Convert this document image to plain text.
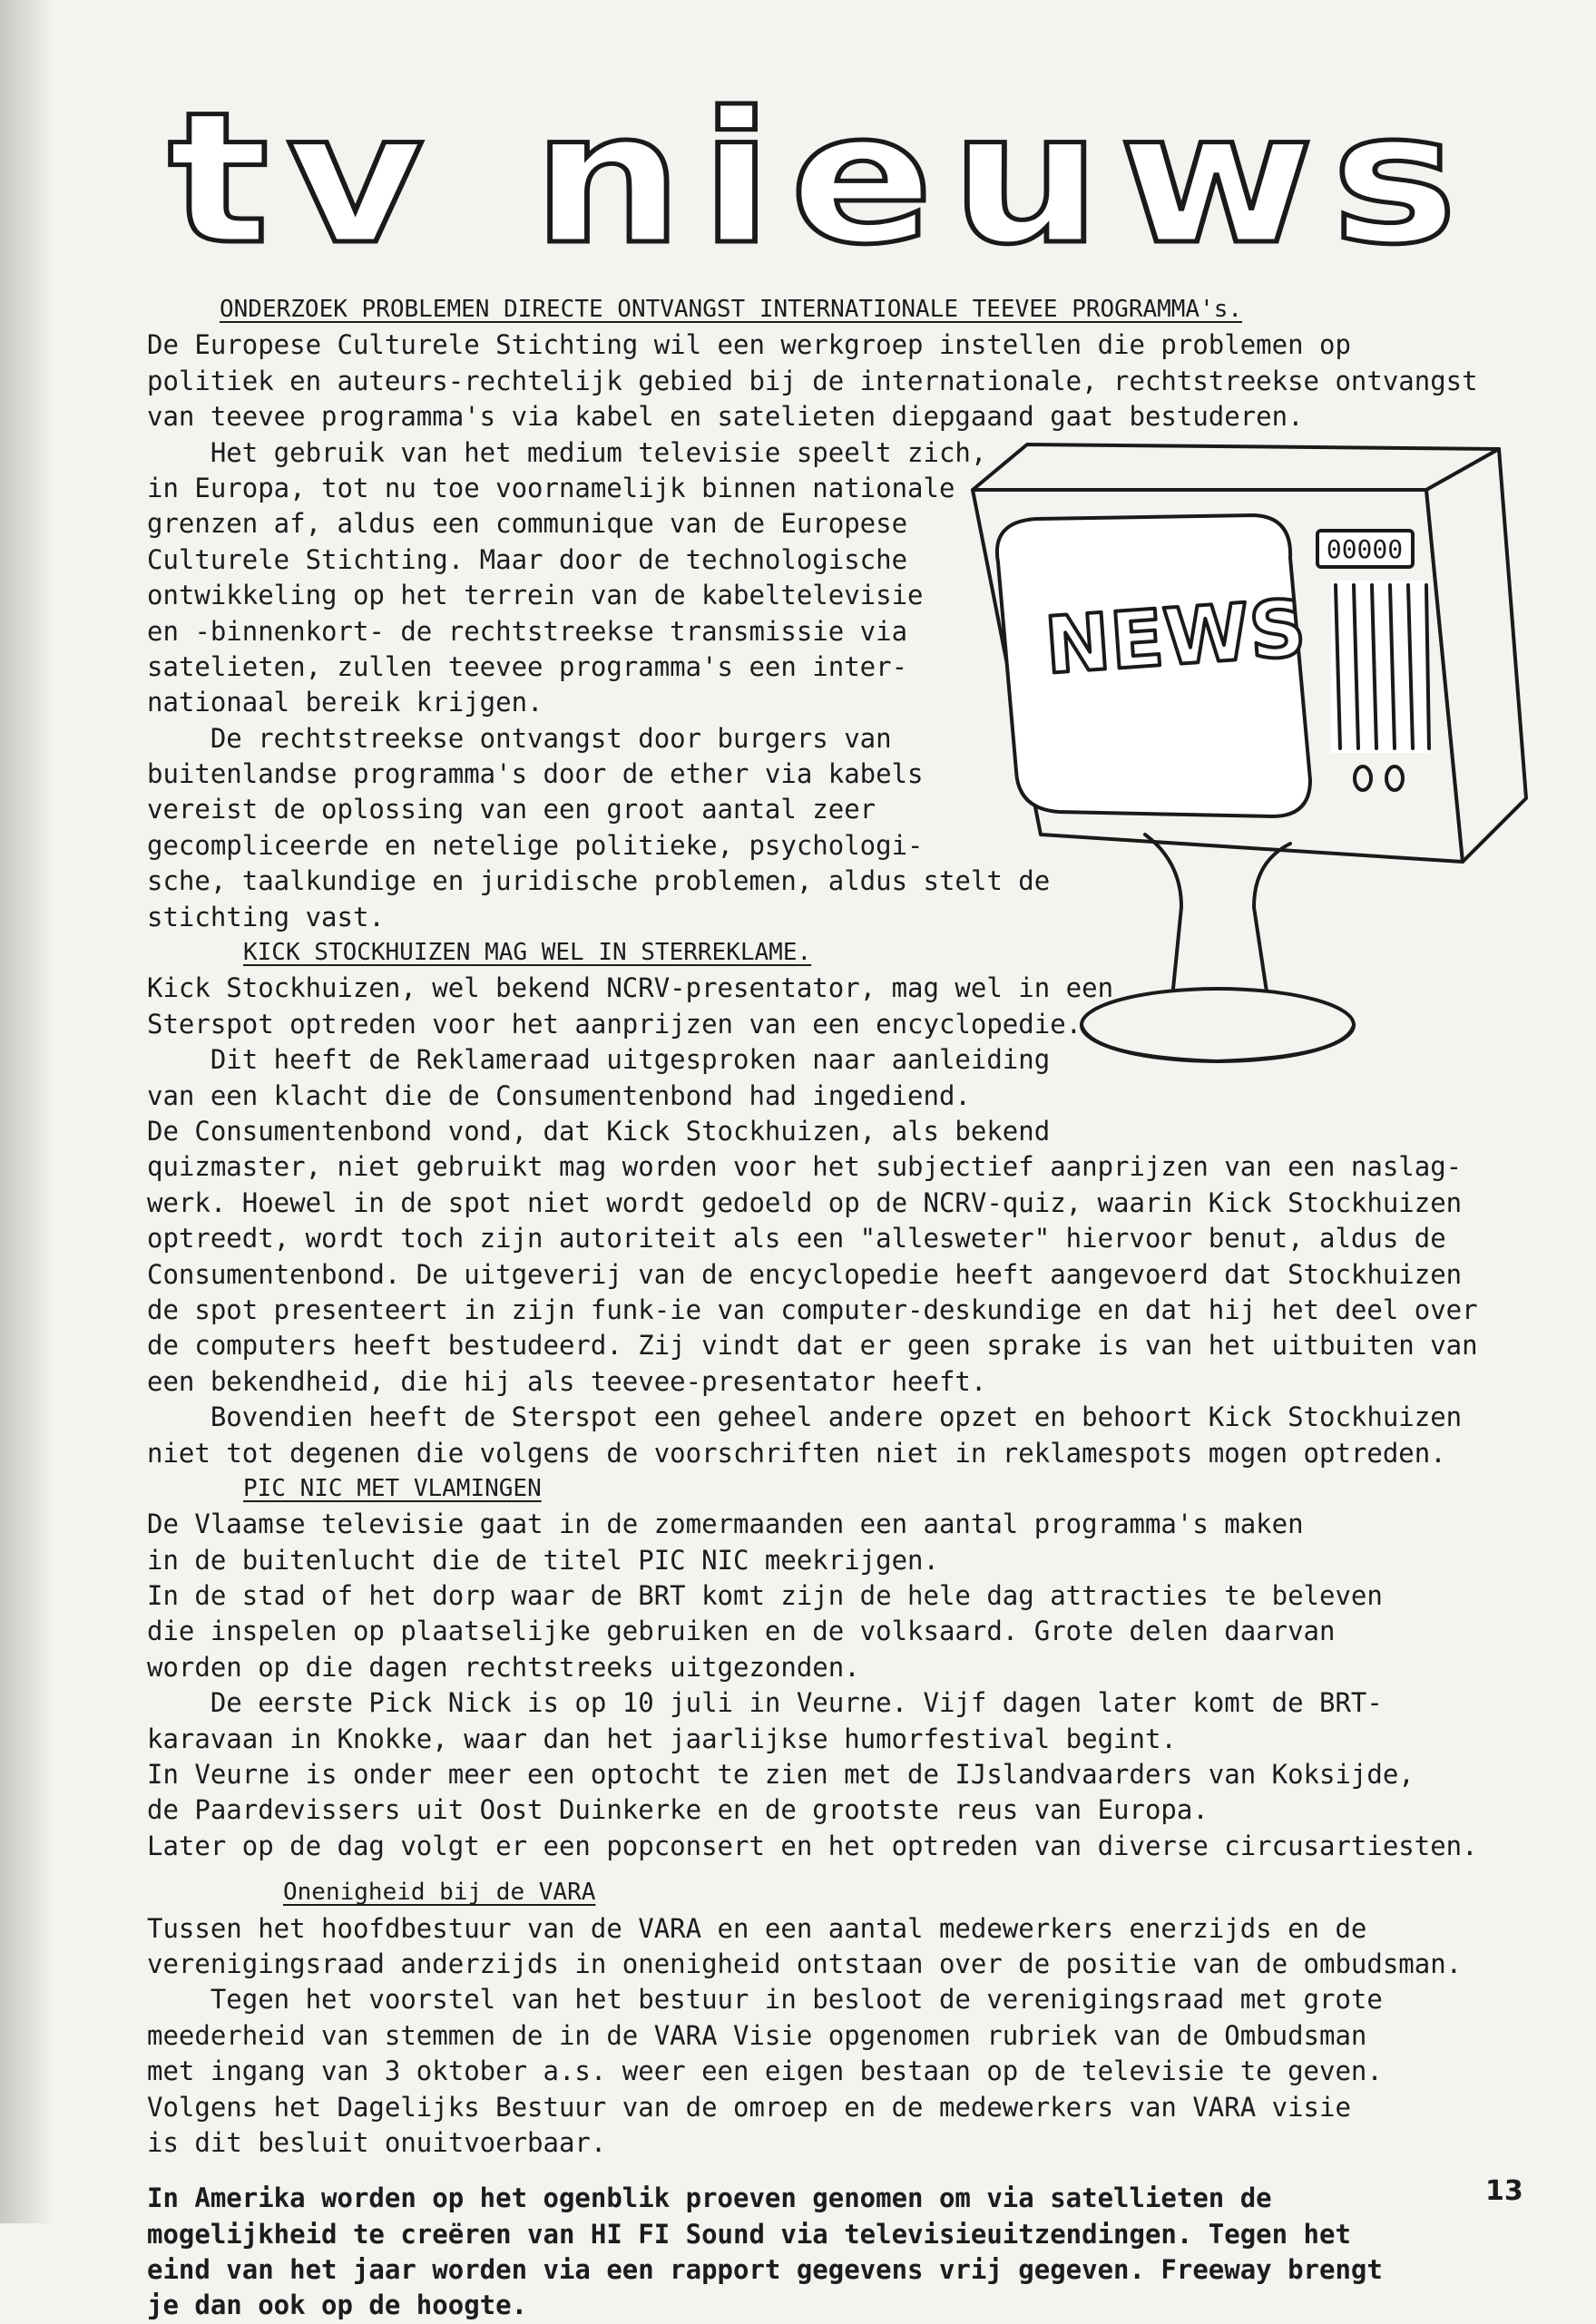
tv nieuws
ONDERZOEK PROBLEMEN DIRECTE ONTVANGST INTERNATIONALE TEEVEE PROGRAMMA's.
De Europese Culturele Stichting wil een werkgroep instellen die problemen op
politiek en auteurs-rechtelijk gebied bij de internationale, rechtstreekse ontvangst
van teevee programma's via kabel en satelieten diepgaand gaat bestuderen.
Het gebruik van het medium televisie speelt zich,
in Europa, tot nu toe voornamelijk binnen nationale
grenzen af, aldus een communique van de Europese
Culturele Stichting. Maar door de technologische
ontwikkeling op het terrein van de kabeltelevisie
en -binnenkort- de rechtstreekse transmissie via
satelieten, zullen teevee programma's een inter-
nationaal bereik krijgen.
De rechtstreekse ontvangst door burgers van
buitenlandse programma's door de ether via kabels
vereist de oplossing van een groot aantal zeer
gecompliceerde en netelige politieke, psychologi-
sche, taalkundige en juridische problemen, aldus stelt de
stichting vast.
KICK STOCKHUIZEN MAG WEL IN STERREKLAME.
Kick Stockhuizen, wel bekend NCRV-presentator, mag wel in een
Sterspot optreden voor het aanprijzen van een encyclopedie.
Dit heeft de Reklameraad uitgesproken naar aanleiding
van een klacht die de Consumentenbond had ingediend.
De Consumentenbond vond, dat Kick Stockhuizen, als bekend
quizmaster, niet gebruikt mag worden voor het subjectief aanprijzen van een naslag-
werk. Hoewel in de spot niet wordt gedoeld op de NCRV-quiz, waarin Kick Stockhuizen
optreedt, wordt toch zijn autoriteit als een "allesweter" hiervoor benut, aldus de
Consumentenbond. De uitgeverij van de encyclopedie heeft aangevoerd dat Stockhuizen
de spot presenteert in zijn funk-ie van computer-deskundige en dat hij het deel over
de computers heeft bestudeerd. Zij vindt dat er geen sprake is van het uitbuiten van
een bekendheid, die hij als teevee-presentator heeft.
Bovendien heeft de Sterspot een geheel andere opzet en behoort Kick Stockhuizen
niet tot degenen die volgens de voorschriften niet in reklamespots mogen optreden.
PIC NIC MET VLAMINGEN
De Vlaamse televisie gaat in de zomermaanden een aantal programma's maken
in de buitenlucht die de titel PIC NIC meekrijgen.
In de stad of het dorp waar de BRT komt zijn de hele dag attracties te beleven
die inspelen op plaatselijke gebruiken en de volksaard. Grote delen daarvan
worden op die dagen rechtstreeks uitgezonden.
De eerste Pick Nick is op 10 juli in Veurne. Vijf dagen later komt de BRT-
karavaan in Knokke, waar dan het jaarlijkse humorfestival begint.
In Veurne is onder meer een optocht te zien met de IJslandvaarders van Koksijde,
de Paardevissers uit Oost Duinkerke en de grootste reus van Europa.
Later op de dag volgt er een popconsert en het optreden van diverse circusartiesten.
Onenigheid bij de VARA
Tussen het hoofdbestuur van de VARA en een aantal medewerkers enerzijds en de
verenigingsraad anderzijds in onenigheid ontstaan over de positie van de ombudsman.
Tegen het voorstel van het bestuur in besloot de verenigingsraad met grote
meederheid van stemmen de in de VARA Visie opgenomen rubriek van de Ombudsman
met ingang van 3 oktober a.s. weer een eigen bestaan op de televisie te geven.
Volgens het Dagelijks Bestuur van de omroep en de medewerkers van VARA visie
is dit besluit onuitvoerbaar.
In Amerika worden op het ogenblik proeven genomen om via satellieten de
mogelijkheid te creëren van HI FI Sound via televisieuitzendingen. Tegen het
eind van het jaar worden via een rapport gegevens vrij gegeven. Freeway brengt
je dan ook op de hoogte.
00000
NEWS
13
